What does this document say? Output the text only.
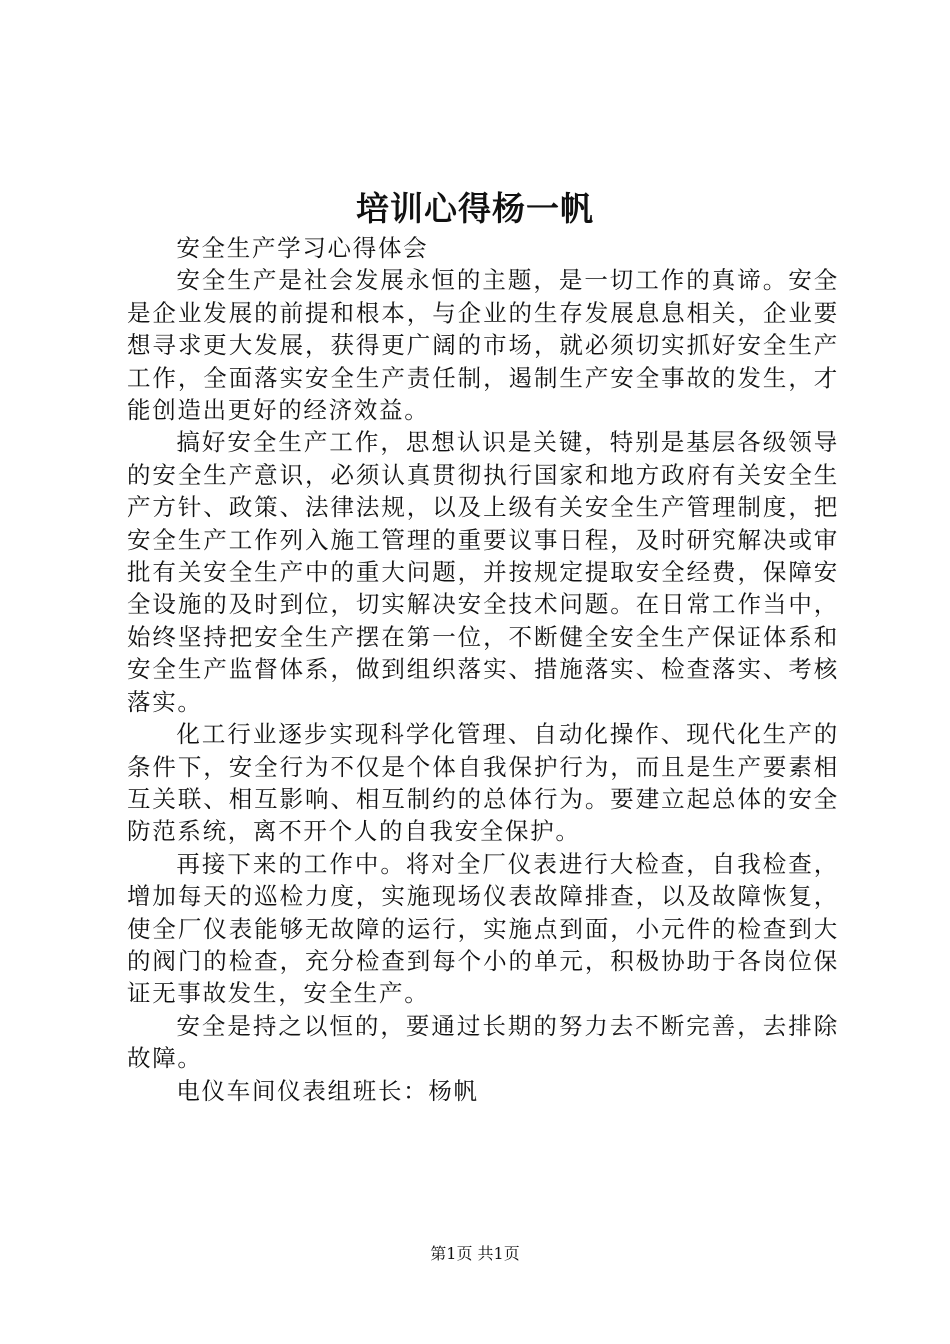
培训心得杨一帆

安全生产学习心得体会

安全生产是社会发展永恒的主题，是一切工作的真谛。安全是企业发展的前提和根本，与企业的生存发展息息相关，企业要想寻求更大发展，获得更广阔的市场，就必须切实抓好安全生产工作，全面落实安全生产责任制，遏制生产安全事故的发生，才能创造出更好的经济效益。

搞好安全生产工作，思想认识是关键，特别是基层各级领导的安全生产意识，必须认真贯彻执行国家和地方政府有关安全生产方针、政策、法律法规，以及上级有关安全生产管理制度，把安全生产工作列入施工管理的重要议事日程，及时研究解决或审批有关安全生产中的重大问题，并按规定提取安全经费，保障安全设施的及时到位，切实解决安全技术问题。在日常工作当中，始终坚持把安全生产摆在第一位，不断健全安全生产保证体系和安全生产监督体系，做到组织落实、措施落实、检查落实、考核落实。

化工行业逐步实现科学化管理、自动化操作、现代化生产的条件下，安全行为不仅是个体自我保护行为，而且是生产要素相互关联、相互影响、相互制约的总体行为。要建立起总体的安全防范系统，离不开个人的自我安全保护。

再接下来的工作中。将对全厂仪表进行大检查，自我检查，增加每天的巡检力度，实施现场仪表故障排查，以及故障恢复，使全厂仪表能够无故障的运行，实施点到面，小元件的检查到大的阀门的检查，充分检查到每个小的单元，积极协助于各岗位保证无事故发生，安全生产。

安全是持之以恒的，要通过长期的努力去不断完善，去排除故障。

电仪车间仪表组班长：杨帆

第1页 共1页
